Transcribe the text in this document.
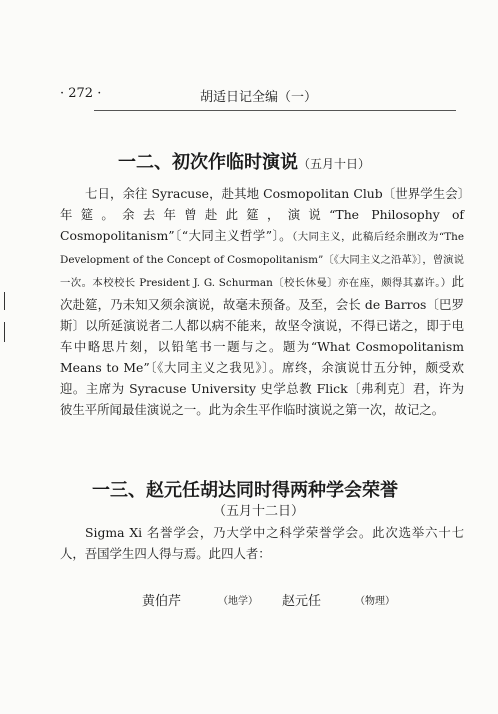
· 272 ·	胡适日记全编（一）
一二、初次作临时演说（五月十日）
七日，余往 Syracuse，赴其地 Cosmopolitan Club〔世界学生会〕年筵。余去年曾赴此筵，演说“The Philosophy of Cosmopolitanism”〔“大同主义哲学”〕。（大同主义，此稿后经余删改为“The Development of the Concept of Cosmopolitanism”〔《大同主义之沿革》〕，曾演说一次。本校校长 President J. G. Schurman〔校长休曼〕亦在座，颇得其嘉许。）此次赴筵，乃未知又须余演说，故毫未预备。及至，会长 de Barros〔巴罗斯〕以所延演说者二人都以病不能来，故坚令演说，不得已诺之，即于电车中略思片刻，以铅笔书一题与之。题为“What Cosmopolitanism Means to Me”〔《大同主义之我见》〕。席终，余演说廿五分钟，颇受欢迎。主席为 Syracuse University 史学总教 Flick〔弗利克〕君，许为彼生平所闻最佳演说之一。此为余生平作临时演说之第一次，故记之。
一三、赵元任胡达同时得两种学会荣誉
（五月十二日）
Sigma Xi 名誉学会，乃大学中之科学荣誉学会。此次选举六十七人，吾国学生四人得与焉。此四人者：
黄伯芹	（地学） 赵元任	（物理）
